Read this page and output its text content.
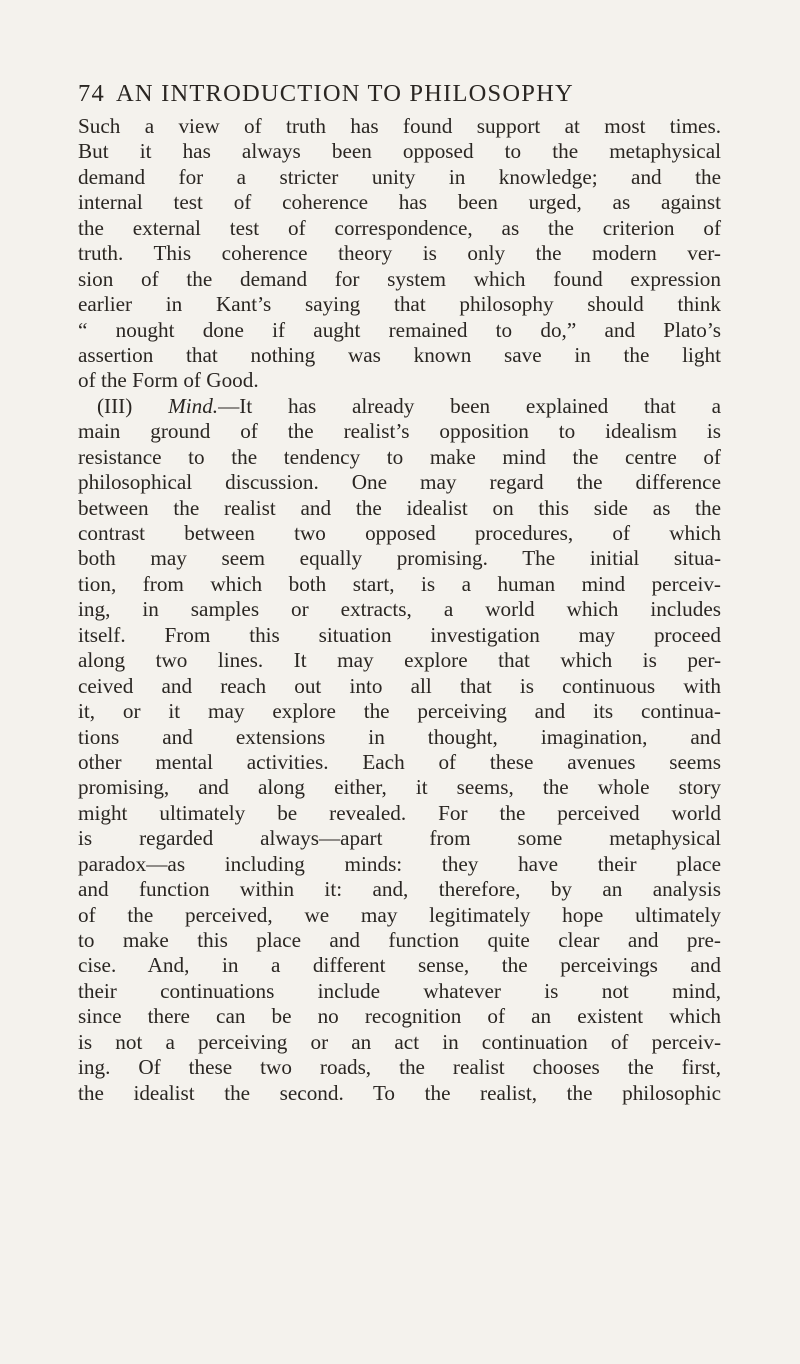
74 AN INTRODUCTION TO PHILOSOPHY
Such a view of truth has found support at most times.
But it has always been opposed to the metaphysical
demand for a stricter unity in knowledge; and the
internal test of coherence has been urged, as against
the external test of correspondence, as the criterion of
truth. This coherence theory is only the modern ver-
sion of the demand for system which found expression
earlier in Kant’s saying that philosophy should think
“ nought done if aught remained to do,” and Plato’s
assertion that nothing was known save in the light
of the Form of Good.
(III) Mind.—It has already been explained that a
main ground of the realist’s opposition to idealism is
resistance to the tendency to make mind the centre of
philosophical discussion. One may regard the difference
between the realist and the idealist on this side as the
contrast between two opposed procedures, of which
both may seem equally promising. The initial situa-
tion, from which both start, is a human mind perceiv-
ing, in samples or extracts, a world which includes
itself. From this situation investigation may proceed
along two lines. It may explore that which is per-
ceived and reach out into all that is continuous with
it, or it may explore the perceiving and its continua-
tions and extensions in thought, imagination, and
other mental activities. Each of these avenues seems
promising, and along either, it seems, the whole story
might ultimately be revealed. For the perceived world
is regarded always—apart from some metaphysical
paradox—as including minds: they have their place
and function within it: and, therefore, by an analysis
of the perceived, we may legitimately hope ultimately
to make this place and function quite clear and pre-
cise. And, in a different sense, the perceivings and
their continuations include whatever is not mind,
since there can be no recognition of an existent which
is not a perceiving or an act in continuation of perceiv-
ing. Of these two roads, the realist chooses the first,
the idealist the second. To the realist, the philosophic
